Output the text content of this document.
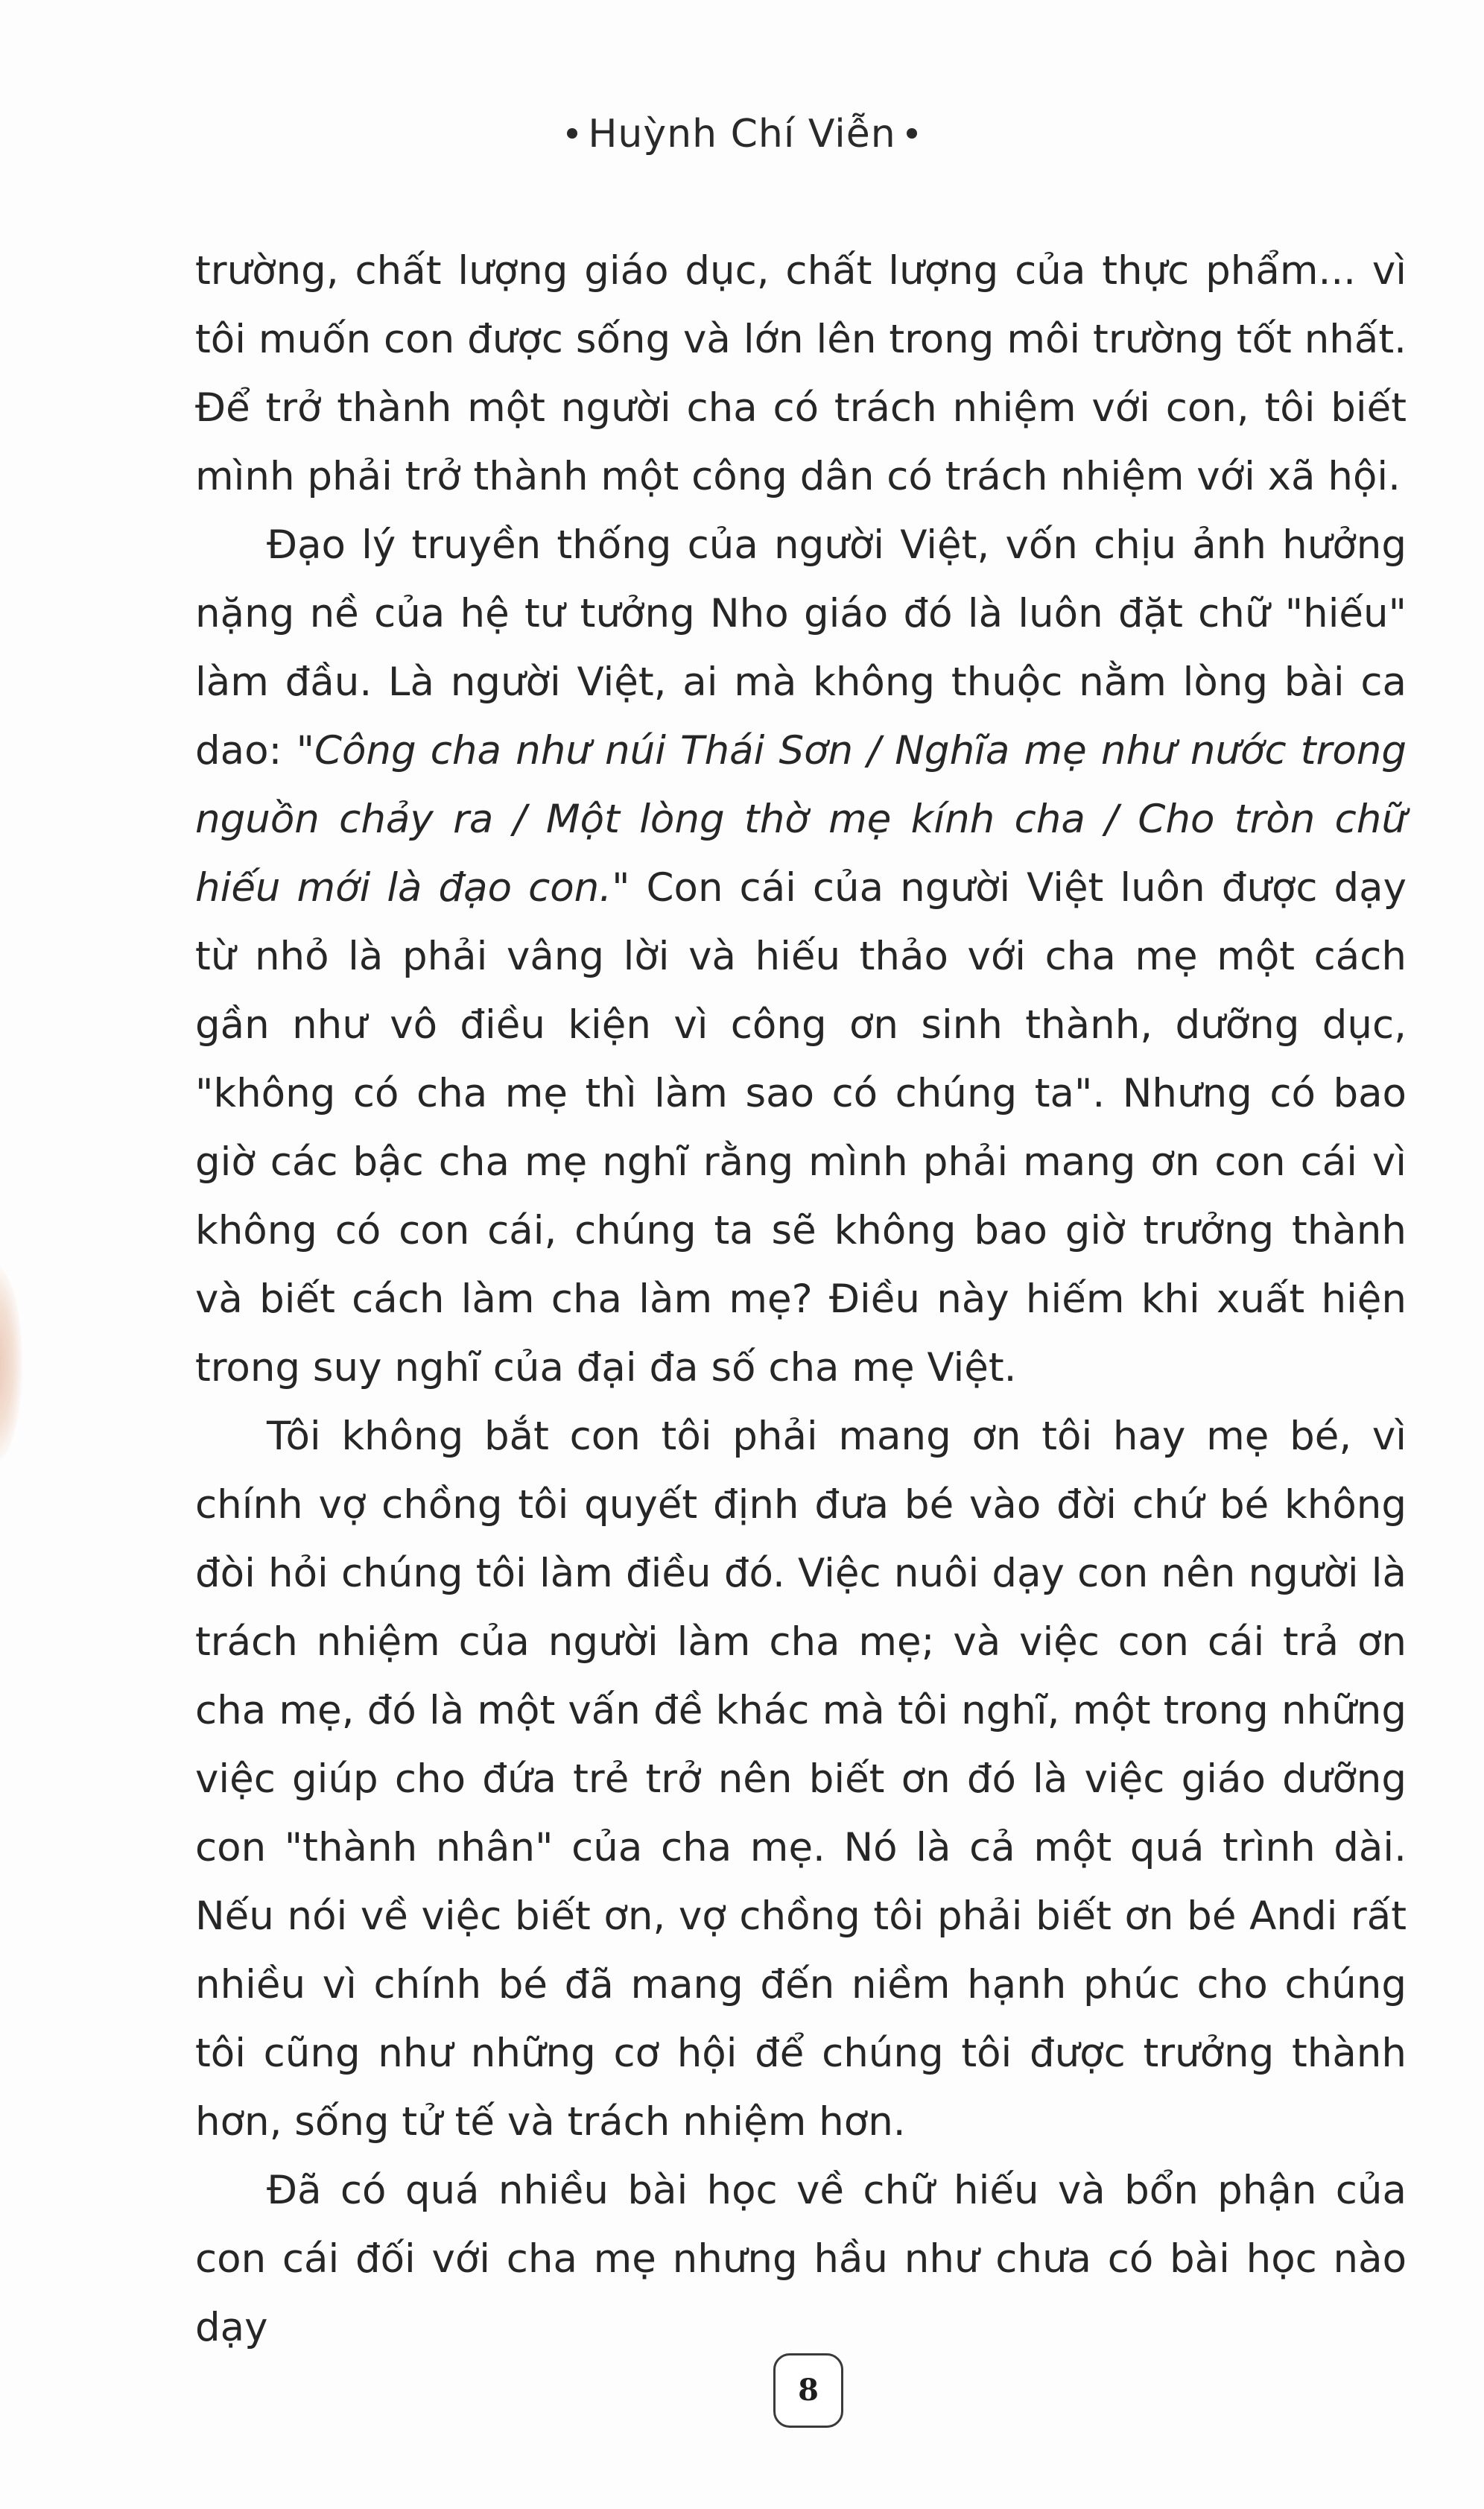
Huỳnh Chí Viễn

trường, chất lượng giáo dục, chất lượng của thực phẩm... vì tôi muốn con được sống và lớn lên trong môi trường tốt nhất. Để trở thành một người cha có trách nhiệm với con, tôi biết mình phải trở thành một công dân có trách nhiệm với xã hội.

Đạo lý truyền thống của người Việt, vốn chịu ảnh hưởng nặng nề của hệ tư tưởng Nho giáo đó là luôn đặt chữ "hiếu" làm đầu. Là người Việt, ai mà không thuộc nằm lòng bài ca dao: "Công cha như núi Thái Sơn / Nghĩa mẹ như nước trong nguồn chảy ra / Một lòng thờ mẹ kính cha / Cho tròn chữ hiếu mới là đạo con." Con cái của người Việt luôn được dạy từ nhỏ là phải vâng lời và hiếu thảo với cha mẹ một cách gần như vô điều kiện vì công ơn sinh thành, dưỡng dục, "không có cha mẹ thì làm sao có chúng ta". Nhưng có bao giờ các bậc cha mẹ nghĩ rằng mình phải mang ơn con cái vì không có con cái, chúng ta sẽ không bao giờ trưởng thành và biết cách làm cha làm mẹ? Điều này hiếm khi xuất hiện trong suy nghĩ của đại đa số cha mẹ Việt.

Tôi không bắt con tôi phải mang ơn tôi hay mẹ bé, vì chính vợ chồng tôi quyết định đưa bé vào đời chứ bé không đòi hỏi chúng tôi làm điều đó. Việc nuôi dạy con nên người là trách nhiệm của người làm cha mẹ; và việc con cái trả ơn cha mẹ, đó là một vấn đề khác mà tôi nghĩ, một trong những việc giúp cho đứa trẻ trở nên biết ơn đó là việc giáo dưỡng con "thành nhân" của cha mẹ. Nó là cả một quá trình dài. Nếu nói về việc biết ơn, vợ chồng tôi phải biết ơn bé Andi rất nhiều vì chính bé đã mang đến niềm hạnh phúc cho chúng tôi cũng như những cơ hội để chúng tôi được trưởng thành hơn, sống tử tế và trách nhiệm hơn.

Đã có quá nhiều bài học về chữ hiếu và bổn phận của con cái đối với cha mẹ nhưng hầu như chưa có bài học nào dạy

8
